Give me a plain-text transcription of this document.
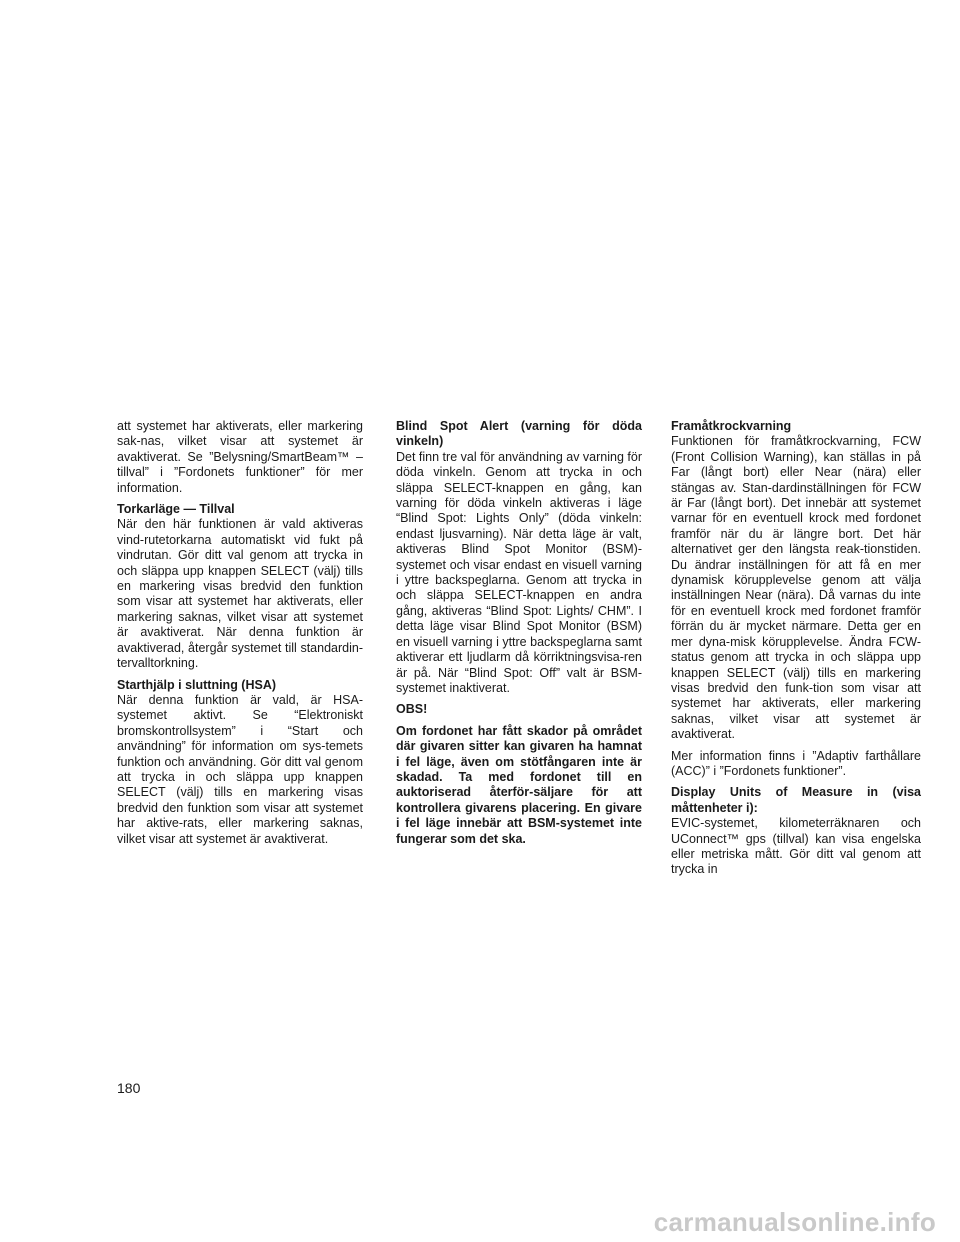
att systemet har aktiverats, eller markering sak-nas, vilket visar att systemet är avaktiverat. Se ”Belysning/SmartBeam™ – tillval” i ”Fordonets funktioner” för mer information.

Torkarläge — Tillval

När den här funktionen är vald aktiveras vind-rutetorkarna automatiskt vid fukt på vindrutan. Gör ditt val genom att trycka in och släppa upp knappen SELECT (välj) tills en markering visas bredvid den funktion som visar att systemet har aktiverats, eller markering saknas, vilket visar att systemet är avaktiverat. När denna funktion är avaktiverad, återgår systemet till standardin-tervalltorkning.

Starthjälp i sluttning (HSA)

När denna funktion är vald, är HSA-systemet aktivt. Se “Elektroniskt bromskontrollsystem” i “Start och användning” för information om sys-temets funktion och användning. Gör ditt val genom att trycka in och släppa upp knappen SELECT (välj) tills en markering visas bredvid den funktion som visar att systemet har aktive-rats, eller markering saknas, vilket visar att systemet är avaktiverat.

Blind Spot Alert (varning för döda vinkeln)

Det finn tre val för användning av varning för döda vinkeln. Genom att trycka in och släppa SELECT-knappen en gång, kan varning för döda vinkeln aktiveras i läge “Blind Spot: Lights Only” (döda vinkeln: endast ljusvarning). När detta läge är valt, aktiveras Blind Spot Monitor (BSM)-systemet och visar endast en visuell varning i yttre backspeglarna. Genom att trycka in och släppa SELECT-knappen en andra gång, aktiveras “Blind Spot: Lights/ CHM”. I detta läge visar Blind Spot Monitor (BSM) en visuell varning i yttre backspeglarna samt aktiverar ett ljudlarm då körriktningsvisa-ren är på. När “Blind Spot: Off” valt är BSM-systemet inaktiverat.

OBS!

Om fordonet har fått skador på området där givaren sitter kan givaren ha hamnat i fel läge, även om stötfångaren inte är skadad. Ta med fordonet till en auktoriserad återför-säljare för att kontrollera givarens placering. En givare i fel läge innebär att BSM-systemet inte fungerar som det ska.

Framåtkrockvarning

Funktionen för framåtkrockvarning, FCW (Front Collision Warning), kan ställas in på Far (långt bort) eller Near (nära) eller stängas av. Stan-dardinställningen för FCW är Far (långt bort). Det innebär att systemet varnar för en eventuell krock med fordonet framför när du är längre bort. Det här alternativet ger den längsta reak-tionstiden. Du ändrar inställningen för att få en mer dynamisk körupplevelse genom att välja inställningen Near (nära). Då varnas du inte för en eventuell krock med fordonet framför förrän du är mycket närmare. Detta ger en mer dyna-misk körupplevelse. Ändra FCW-status genom att trycka in och släppa upp knappen SELECT (välj) tills en markering visas bredvid den funk-tion som visar att systemet har aktiverats, eller markering saknas, vilket visar att systemet är avaktiverat.

Mer information finns i ”Adaptiv farthållare (ACC)” i ”Fordonets funktioner”.

Display Units of Measure in (visa måttenheter i):

EVIC-systemet, kilometerräknaren och UConnect™ gps (tillval) kan visa engelska eller metriska mått. Gör ditt val genom att trycka in

180
carmanualsonline.info
